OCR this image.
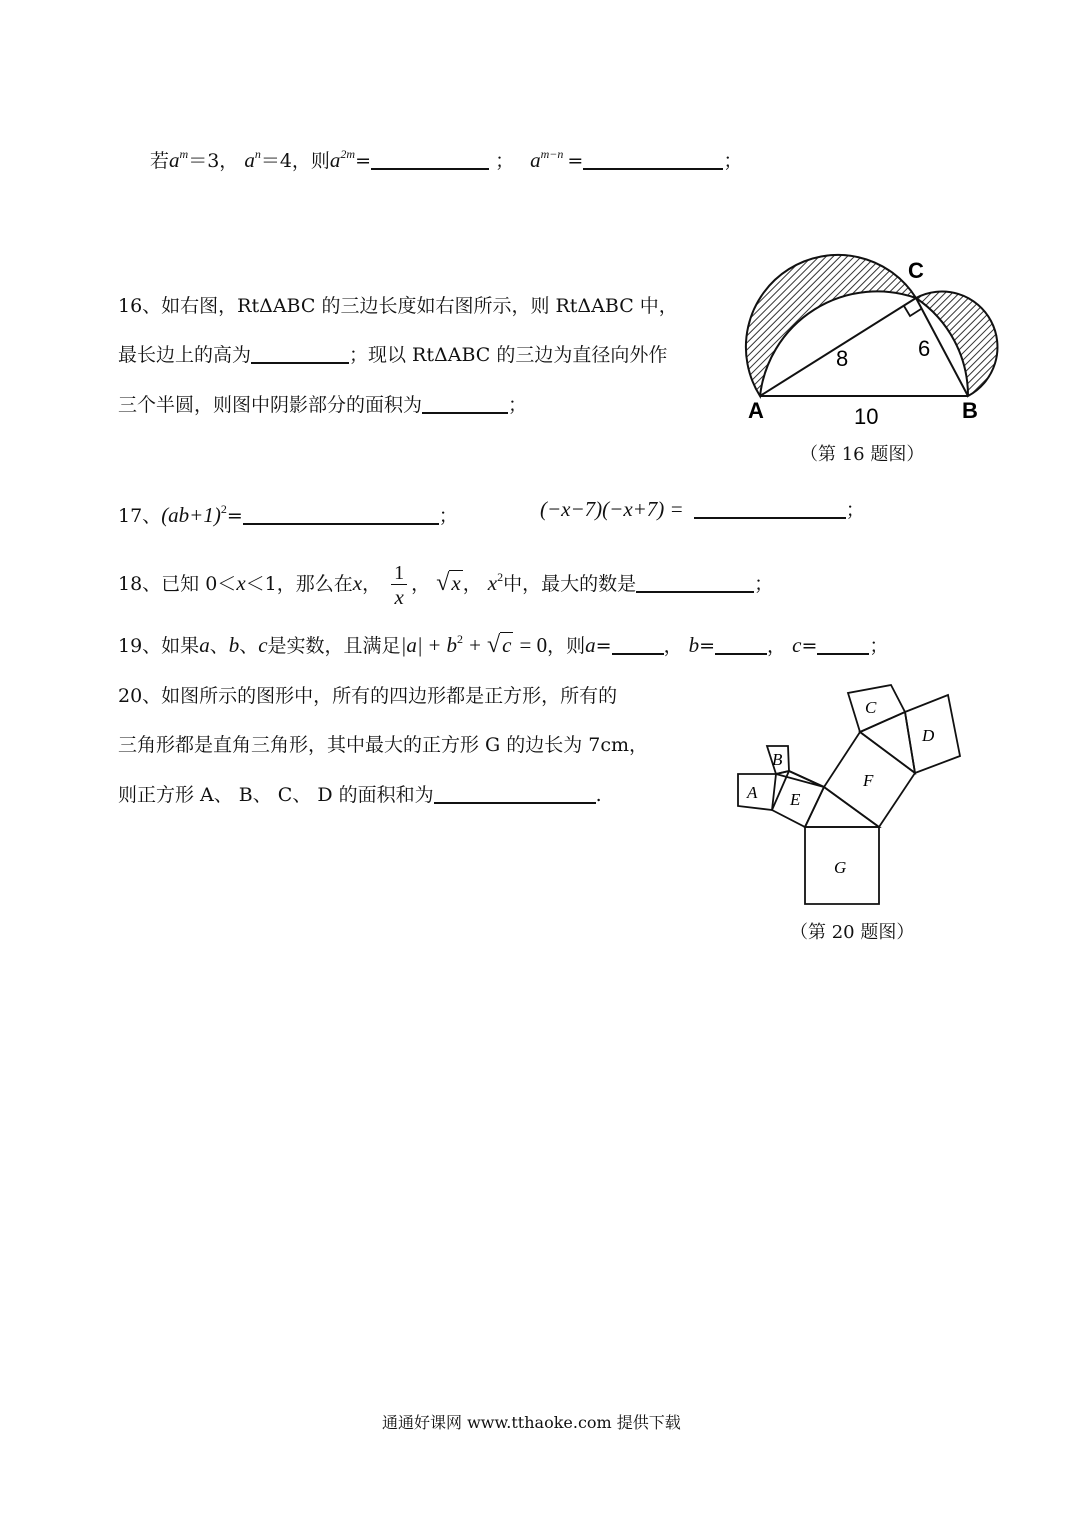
若$a^m=3$， $a^n=4$，则$a^{2m}=$	； $a^{m-n}$ =	；
16、如右图，RtΔABC 的三边长度如右图所示，则 RtΔABC 中，
最长边上的高为	；现以 RtΔABC 的三边为直径向外作
三个半圆，则图中阴影部分的面积为	；	A	B
C
8	6
10
（第 16 题图）
17、$(ab+1)^2=$	；	(−x−7)(−x+7) =	；
18、已知 0＜x＜1，那么在x， $\frac{1}{x}$ ， √x ， $x^2$中，最大的数是	；
19、如果a、b、c是实数，且满足$|a| + b^2 + √c = 0$，则a=	， b=	， c=	；
20、如图所示的图形中，所有的四边形都是正方形，所有的
三角形都是直角三角形，其中最大的正方形 G 的边长为 7cm，
则正方形 A、 B、 C、 D 的面积和为	.	A
B
C
D
E
F
G
（第 20 题图）
通通好课网 www.tthaoke.com 提供下载
